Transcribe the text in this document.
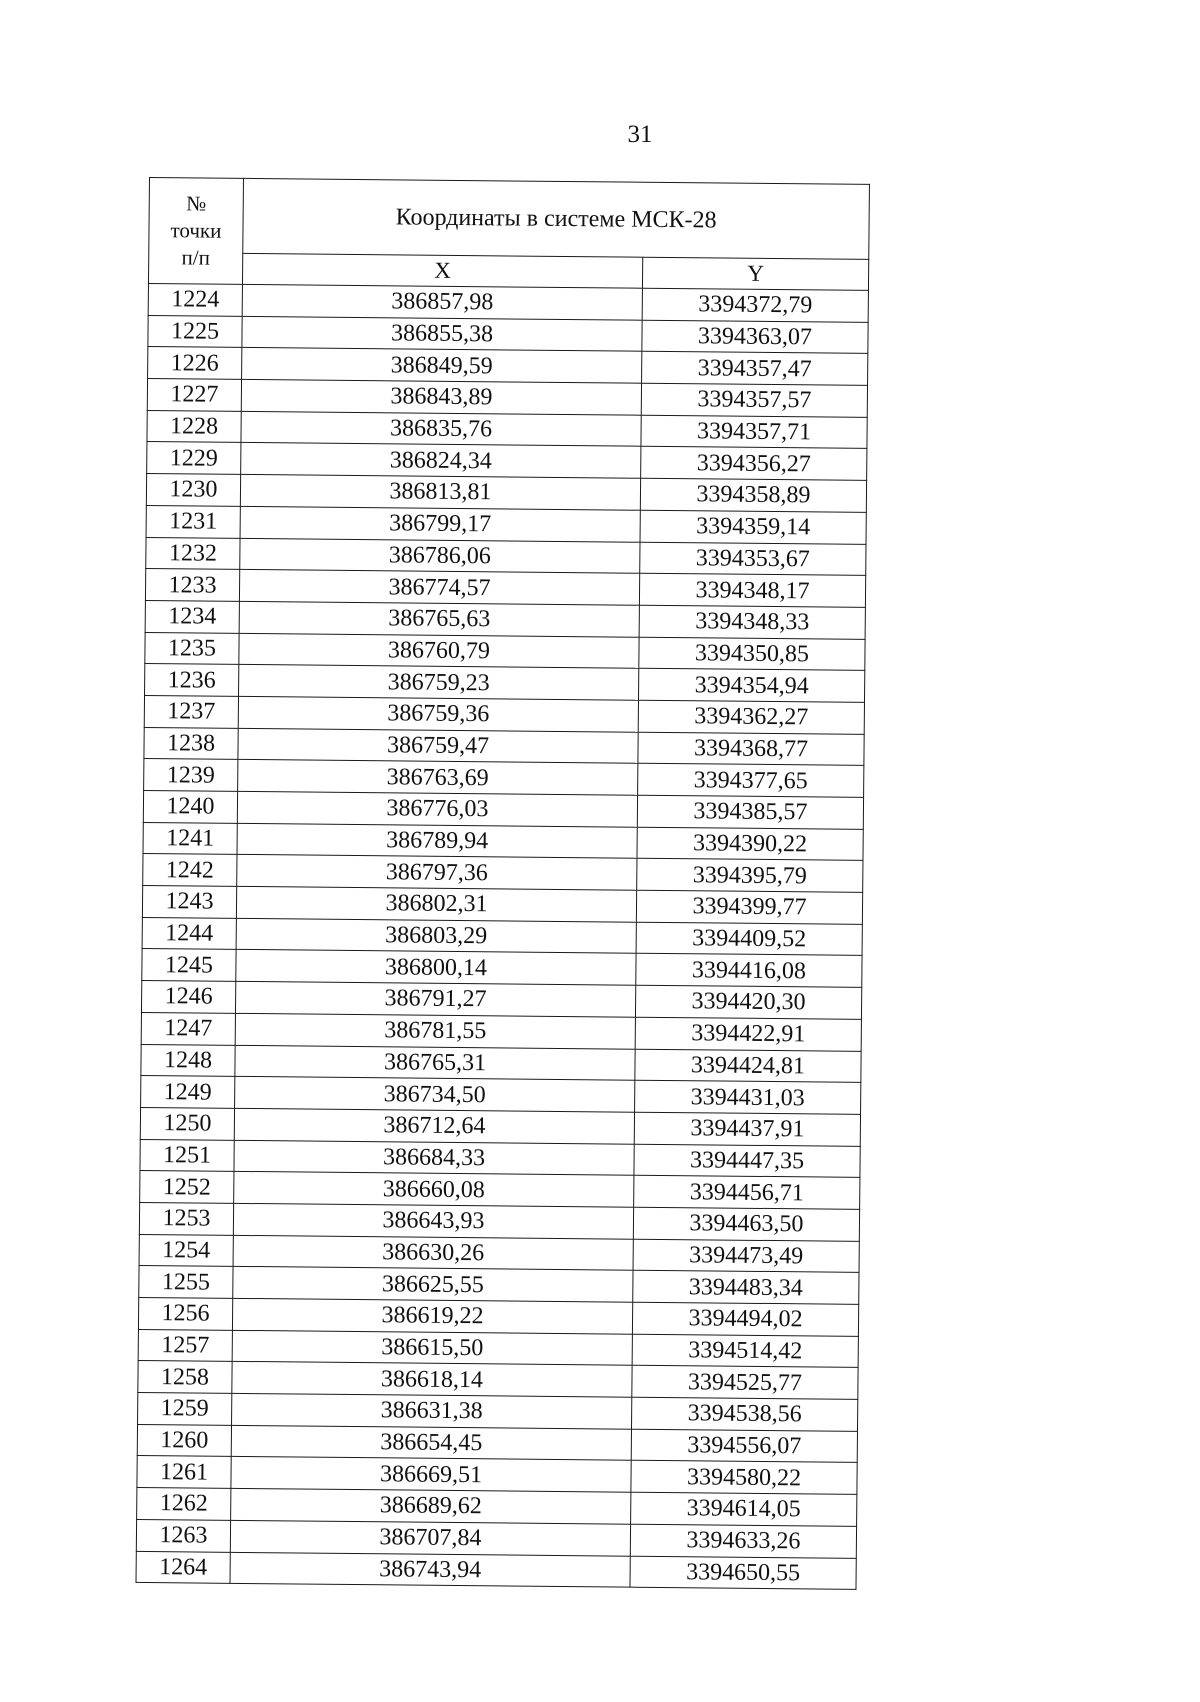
31
№
точки
п/п	Координаты в системе МСК-28	
	X	Y
1224	386857,98	3394372,79
1225	386855,38	3394363,07
1226	386849,59	3394357,47
1227	386843,89	3394357,57
1228	386835,76	3394357,71
1229	386824,34	3394356,27
1230	386813,81	3394358,89
1231	386799,17	3394359,14
1232	386786,06	3394353,67
1233	386774,57	3394348,17
1234	386765,63	3394348,33
1235	386760,79	3394350,85
1236	386759,23	3394354,94
1237	386759,36	3394362,27
1238	386759,47	3394368,77
1239	386763,69	3394377,65
1240	386776,03	3394385,57
1241	386789,94	3394390,22
1242	386797,36	3394395,79
1243	386802,31	3394399,77
1244	386803,29	3394409,52
1245	386800,14	3394416,08
1246	386791,27	3394420,30
1247	386781,55	3394422,91
1248	386765,31	3394424,81
1249	386734,50	3394431,03
1250	386712,64	3394437,91
1251	386684,33	3394447,35
1252	386660,08	3394456,71
1253	386643,93	3394463,50
1254	386630,26	3394473,49
1255	386625,55	3394483,34
1256	386619,22	3394494,02
1257	386615,50	3394514,42
1258	386618,14	3394525,77
1259	386631,38	3394538,56
1260	386654,45	3394556,07
1261	386669,51	3394580,22
1262	386689,62	3394614,05
1263	386707,84	3394633,26
1264	386743,94	3394650,55
